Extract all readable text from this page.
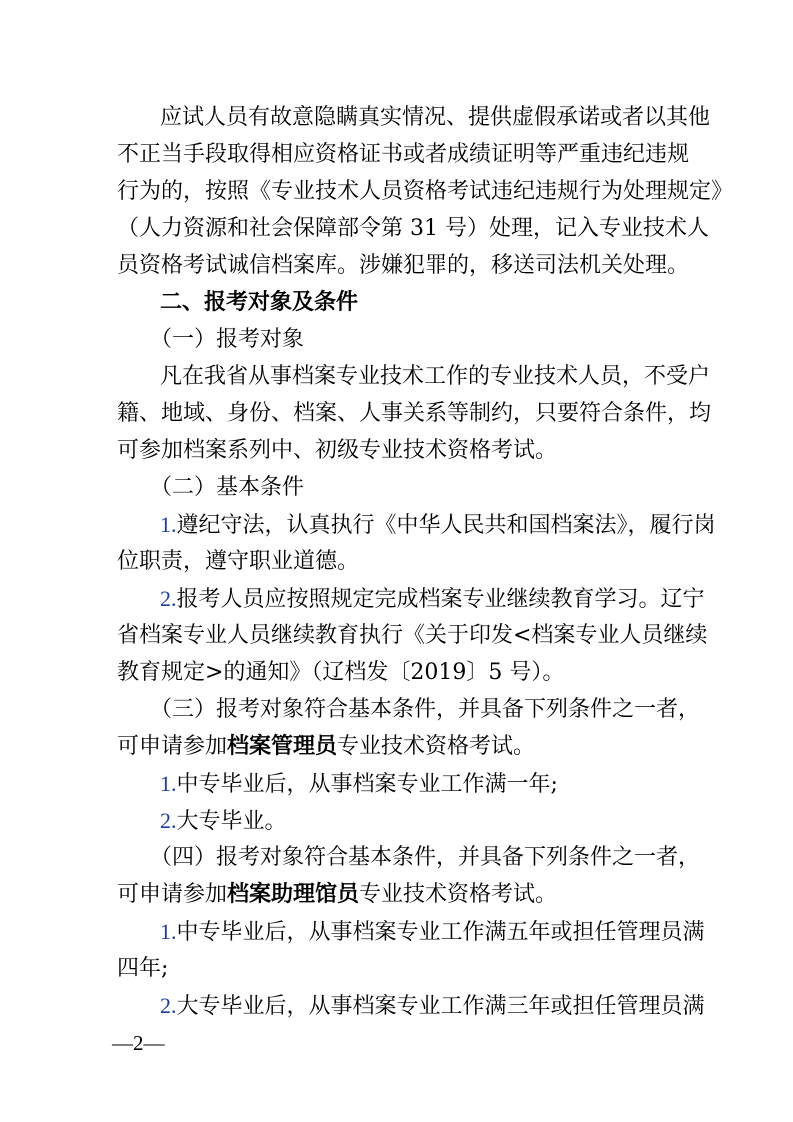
应试人员有故意隐瞒真实情况、提供虚假承诺或者以其他
不正当手段取得相应资格证书或者成绩证明等严重违纪违规
行为的，按照《专业技术人员资格考试违纪违规行为处理规定》
（人力资源和社会保障部令第 31 号）处理，记入专业技术人
员资格考试诚信档案库。涉嫌犯罪的，移送司法机关处理。
二、报考对象及条件
（一）报考对象
凡在我省从事档案专业技术工作的专业技术人员，不受户
籍、地域、身份、档案、人事关系等制约，只要符合条件，均
可参加档案系列中、初级专业技术资格考试。
（二）基本条件
1.遵纪守法，认真执行《中华人民共和国档案法》，履行岗
位职责，遵守职业道德。
2.报考人员应按照规定完成档案专业继续教育学习。辽宁
省档案专业人员继续教育执行《关于印发<档案专业人员继续
教育规定>的通知》（辽档发〔2019〕5 号）。
（三）报考对象符合基本条件，并具备下列条件之一者，
可申请参加档案管理员专业技术资格考试。
1.中专毕业后，从事档案专业工作满一年;
2.大专毕业。
（四）报考对象符合基本条件，并具备下列条件之一者，
可申请参加档案助理馆员专业技术资格考试。
1.中专毕业后，从事档案专业工作满五年或担任管理员满
四年;
2.大专毕业后，从事档案专业工作满三年或担任管理员满
—2—
